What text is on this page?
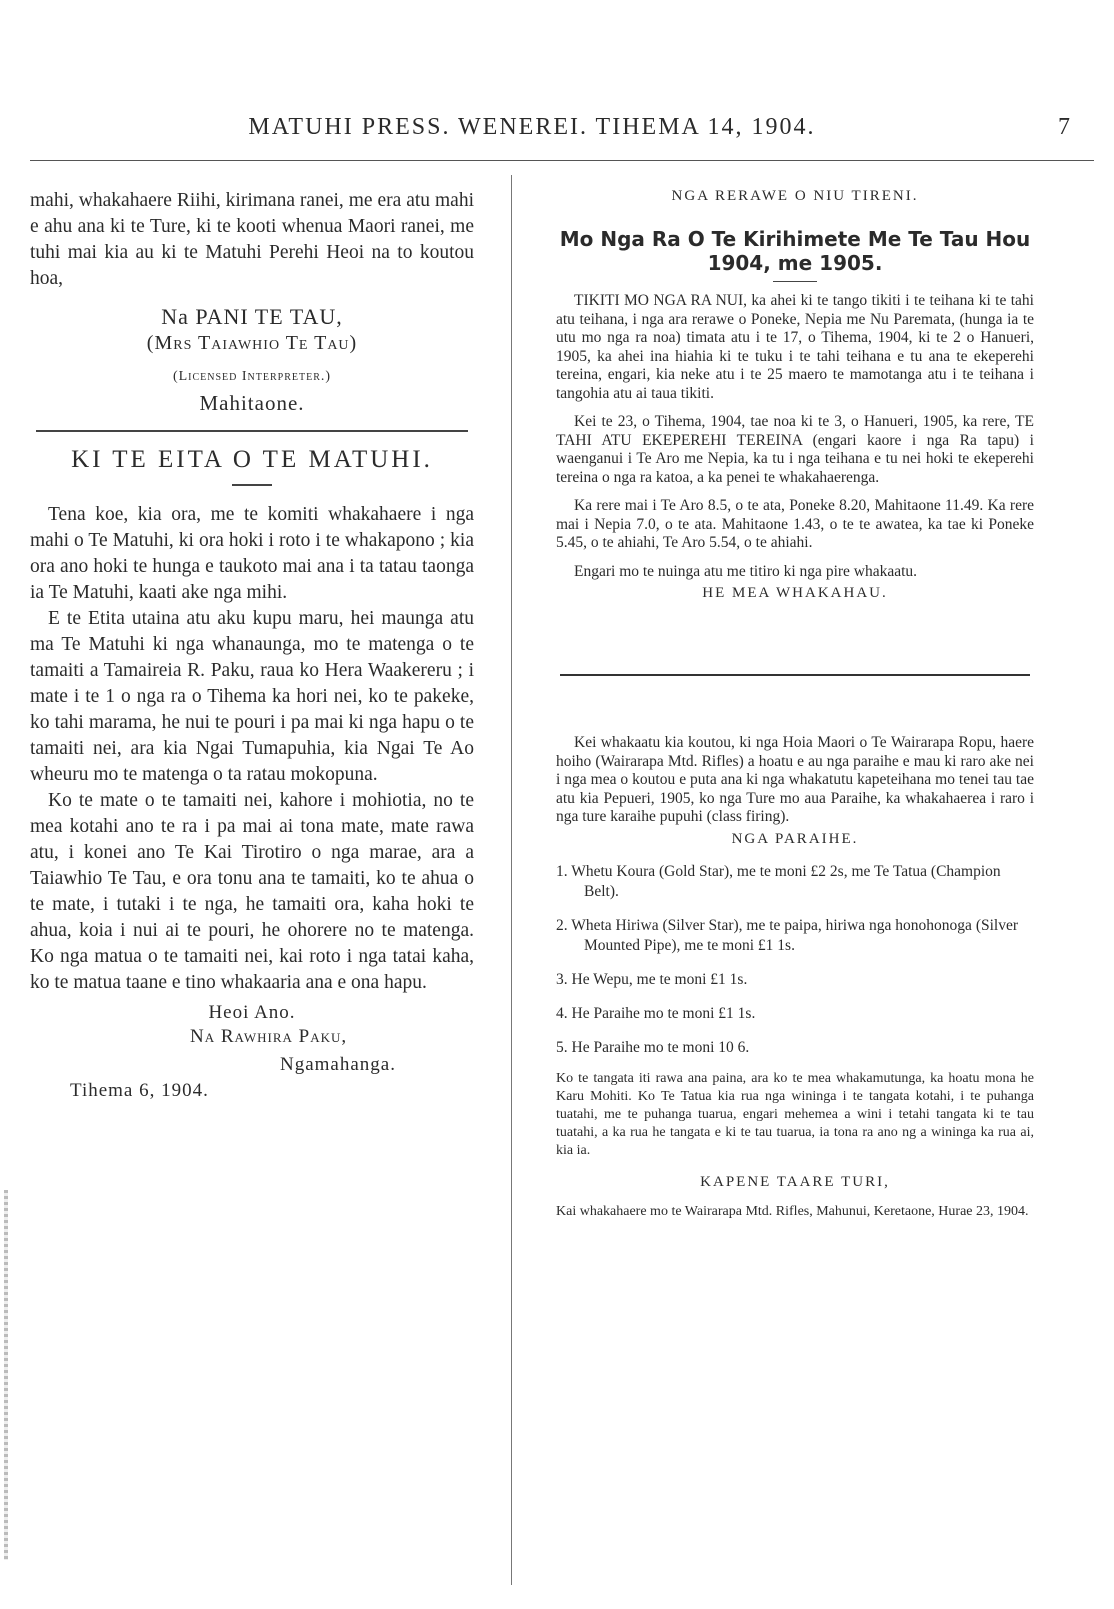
MATUHI PRESS. WENEREI. TIHEMA 14, 1904.	7

mahi, whakahaere Riihi, kirimana ranei, me era atu mahi e ahu ana ki te Ture, ki te kooti whenua Maori ranei, me tuhi mai kia au ki te Matuhi Perehi Heoi na to koutou hoa,

Na PANI TE TAU,

(Mrs Taiawhio Te Tau)

(Licensed Interpreter.)

Mahitaone.

KI TE EITA O TE MATUHI.

Tena koe, kia ora, me te komiti whakahaere i nga mahi o Te Matuhi, ki ora hoki i roto i te whakapono ; kia ora ano hoki te hunga e taukoto mai ana i ta tatau taonga ia Te Matuhi, kaati ake nga mihi.

E te Etita utaina atu aku kupu maru, hei maunga atu ma Te Matuhi ki nga whanaunga, mo te matenga o te tamaiti a Tamaireia R. Paku, raua ko Hera Waakereru ; i mate i te 1 o nga ra o Tihema ka hori nei, ko te pakeke, ko tahi marama, he nui te pouri i pa mai ki nga hapu o te tamaiti nei, ara kia Ngai Tumapuhia, kia Ngai Te Ao wheuru mo te matenga o ta ratau mokopuna.

Ko te mate o te tamaiti nei, kahore i mohiotia, no te mea kotahi ano te ra i pa mai ai tona mate, mate rawa atu, i konei ano Te Kai Tirotiro o nga marae, ara a Taiawhio Te Tau, e ora tonu ana te tamaiti, ko te ahua o te mate, i tutaki i te nga, he tamaiti ora, kaha hoki te ahua, koia i nui ai te pouri, he ohorere no te matenga. Ko nga matua o te tamaiti nei, kai roto i nga tatai kaha, ko te matua taane e tino whakaaria ana e ona hapu.

Heoi Ano.

Na Rawhira Paku,

Ngamahanga.

Tihema 6, 1904.

NGA RERAWE O NIU TIRENI.

Mo Nga Ra O Te Kirihimete Me Te Tau Hou 1904, me 1905.

TIKITI MO NGA RA NUI, ka ahei ki te tango tikiti i te teihana ki te tahi atu teihana, i nga ara rerawe o Poneke, Nepia me Nu Paremata, (hunga ia te utu mo nga ra noa) timata atu i te 17, o Tihema, 1904, ki te 2 o Hanueri, 1905, ka ahei ina hiahia ki te tuku i te tahi teihana e tu ana te ekeperehi tereina, engari, kia neke atu i te 25 maero te mamotanga atu i te teihana i tangohia atu ai taua tikiti.

Kei te 23, o Tihema, 1904, tae noa ki te 3, o Hanueri, 1905, ka rere, TE TAHI ATU EKEPEREHI TEREINA (engari kaore i nga Ra tapu) i waenganui i Te Aro me Nepia, ka tu i nga teihana e tu nei hoki te ekeperehi tereina o nga ra katoa, a ka penei te whakahaerenga.

Ka rere mai i Te Aro 8.5, o te ata, Poneke 8.20, Mahitaone 11.49. Ka rere mai i Nepia 7.0, o te ata. Mahitaone 1.43, o te te awatea, ka tae ki Poneke 5.45, o te ahiahi, Te Aro 5.54, o te ahiahi.

Engari mo te nuinga atu me titiro ki nga pire whakaatu.

HE MEA WHAKAHAU.

Kei whakaatu kia koutou, ki nga Hoia Maori o Te Wairarapa Ropu, haere hoiho (Wairarapa Mtd. Rifles) a hoatu e au nga paraihe e mau ki raro ake nei i nga mea o koutou e puta ana ki nga whakatutu kapeteihana mo tenei tau tae atu kia Pepueri, 1905, ko nga Ture mo aua Paraihe, ka whakahaerea i raro i nga ture karaihe pupuhi (class firing).

NGA PARAIHE.

1. Whetu Koura (Gold Star), me te moni £2 2s, me Te Tatua (Champion Belt).

2. Wheta Hiriwa (Silver Star), me te paipa, hiriwa nga honohonoga (Silver Mounted Pipe), me te moni £1 1s.

3. He Wepu, me te moni £1 1s.

4. He Paraihe mo te moni £1 1s.

5. He Paraihe mo te moni 10 6.

Ko te tangata iti rawa ana paina, ara ko te mea whakamutunga, ka hoatu mona he Karu Mohiti. Ko Te Tatua kia rua nga wininga i te tangata kotahi, i te puhanga tuatahi, me te puhanga tuarua, engari mehemea a wini i tetahi tangata ki te tau tuatahi, a ka rua he tangata e ki te tau tuarua, ia tona ra ano ng a wininga ka rua ai, kia ia.

KAPENE TAARE TURI,

Kai whakahaere mo te Wairarapa Mtd. Rifles, Mahunui, Keretaone, Hurae 23, 1904.
